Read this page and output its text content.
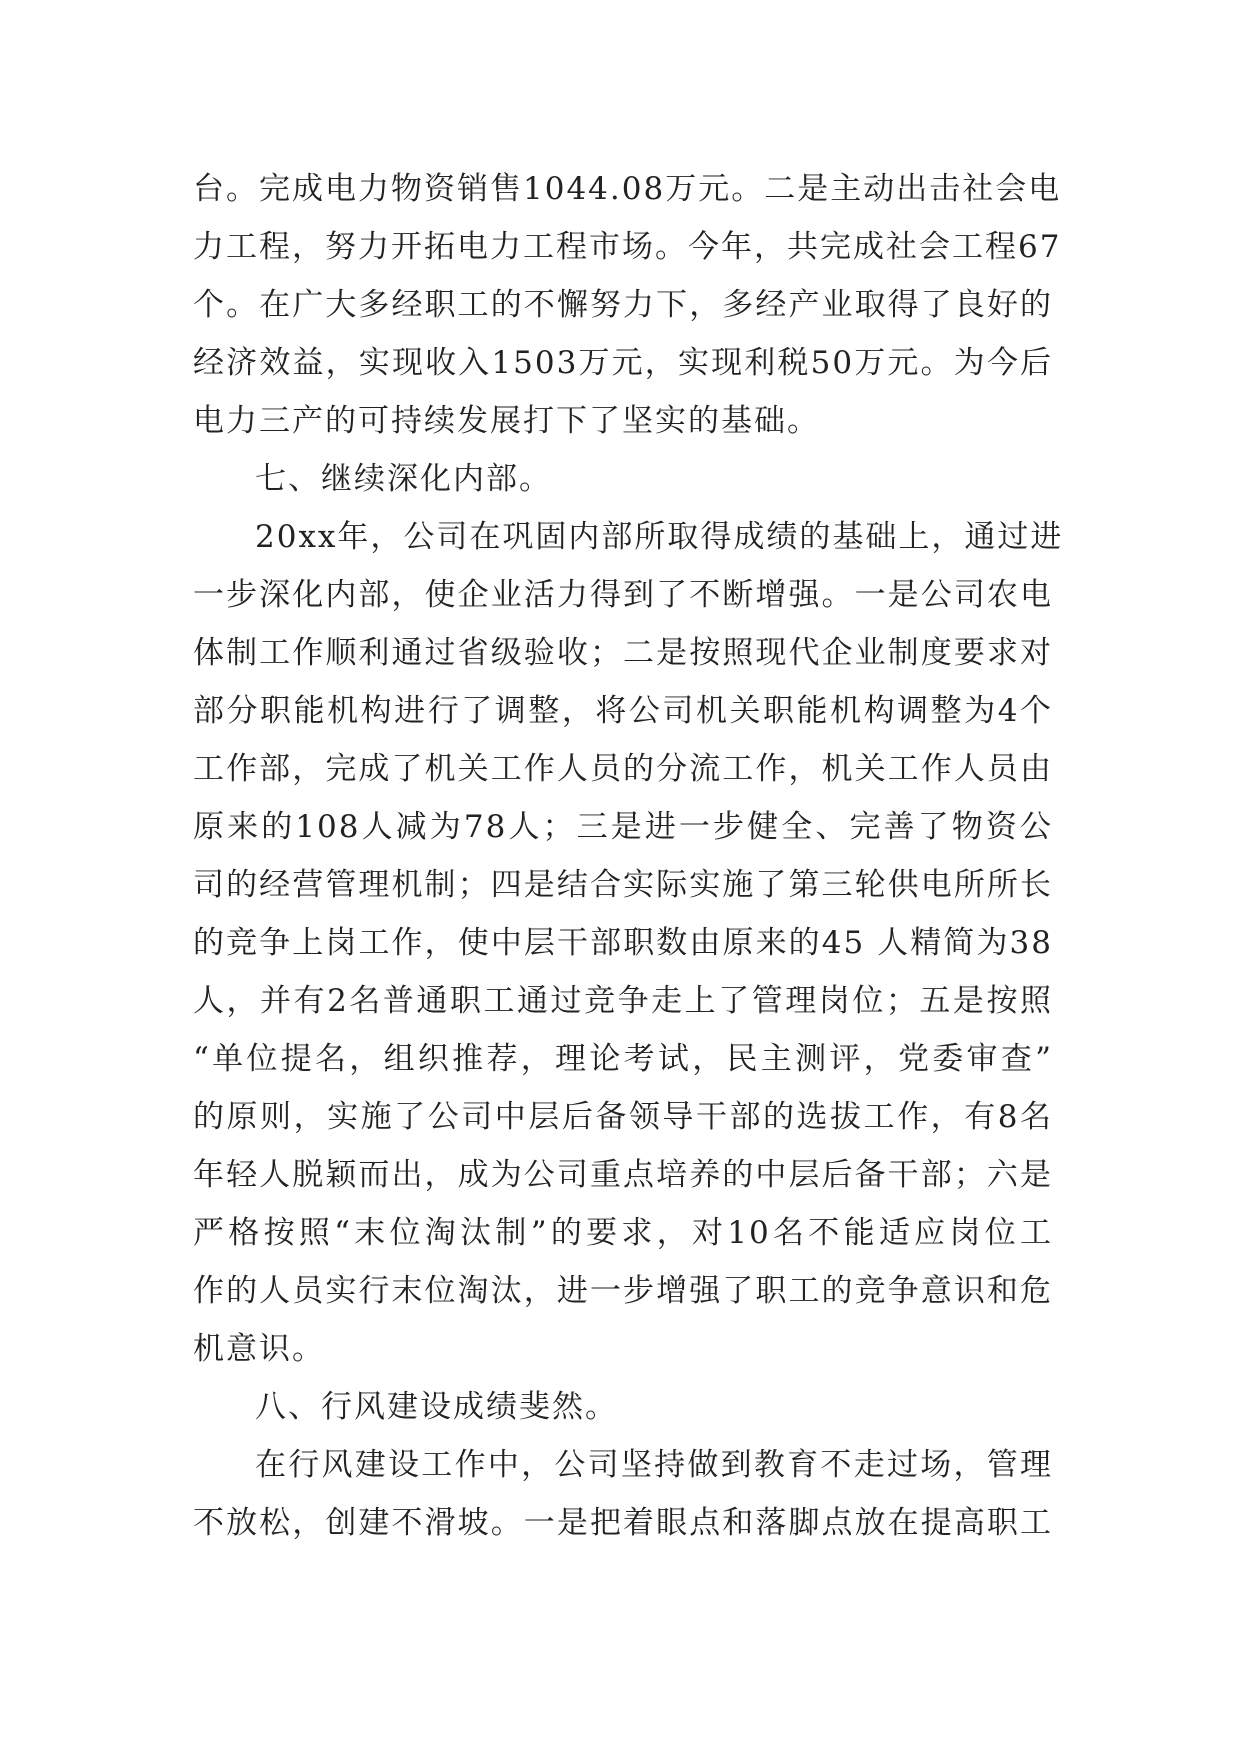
台。完成电力物资销售1044.08万元。二是主动出击社会电
力工程，努力开拓电力工程市场。今年，共完成社会工程67
个。在广大多经职工的不懈努力下，多经产业取得了良好的
经济效益，实现收入1503万元，实现利税50万元。为今后
电力三产的可持续发展打下了坚实的基础。
七、继续深化内部。
20xx年，公司在巩固内部所取得成绩的基础上，通过进
一步深化内部，使企业活力得到了不断增强。一是公司农电
体制工作顺利通过省级验收；二是按照现代企业制度要求对
部分职能机构进行了调整，将公司机关职能机构调整为4个
工作部，完成了机关工作人员的分流工作，机关工作人员由
原来的108人减为78人；三是进一步健全、完善了物资公
司的经营管理机制；四是结合实际实施了第三轮供电所所长
的竞争上岗工作，使中层干部职数由原来的45 人精简为38
人，并有2名普通职工通过竞争走上了管理岗位；五是按照
“单位提名，组织推荐，理论考试，民主测评，党委审查”
的原则，实施了公司中层后备领导干部的选拔工作，有8名
年轻人脱颖而出，成为公司重点培养的中层后备干部；六是
严格按照“末位淘汰制”的要求，对10名不能适应岗位工
作的人员实行末位淘汰，进一步增强了职工的竞争意识和危
机意识。
八、行风建设成绩斐然。
在行风建设工作中，公司坚持做到教育不走过场，管理
不放松，创建不滑坡。一是把着眼点和落脚点放在提高职工
